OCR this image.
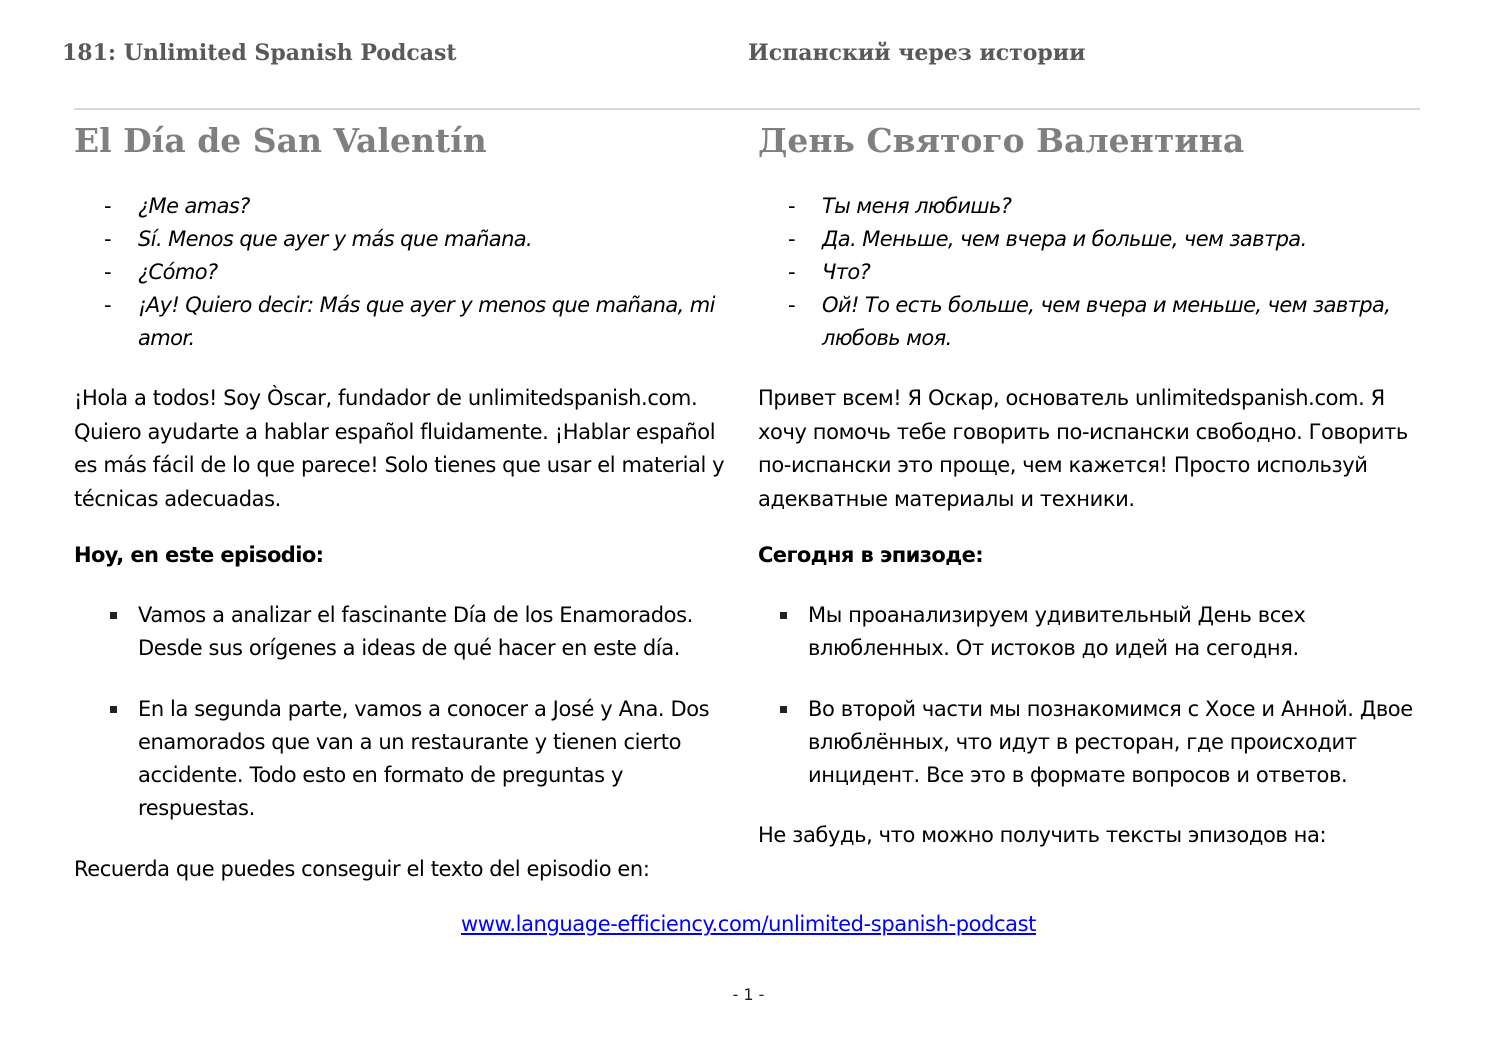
181: Unlimited Spanish Podcast	Испанский через истории
El Día de San Valentín
- ¿Me amas?
- Sí. Menos que ayer y más que mañana.
- ¿Cómo?
- ¡Ay! Quiero decir: Más que ayer y menos que mañana, mi amor.

¡Hola a todos! Soy Òscar, fundador de unlimitedspanish.com. Quiero ayudarte a hablar español fluidamente. ¡Hablar español es más fácil de lo que parece! Solo tienes que usar el material y técnicas adecuadas.

Hoy, en este episodio:

Vamos a analizar el fascinante Día de los Enamorados. Desde sus orígenes a ideas de qué hacer en este día.
En la segunda parte, vamos a conocer a José y Ana. Dos enamorados que van a un restaurante y tienen cierto accidente. Todo esto en formato de preguntas y respuestas.

Recuerda que puedes conseguir el texto del episodio en:

День Святого Валентина
- Ты меня любишь?
- Да. Меньше, чем вчера и больше, чем завтра.
- Что?
- Ой! То есть больше, чем вчера и меньше, чем завтра, любовь моя.

Привет всем! Я Оскар, основатель unlimitedspanish.com. Я хочу помочь тебе говорить по-испански свободно. Говорить по-испански это проще, чем кажется! Просто используй адекватные материалы и техники.

Сегодня в эпизоде:

Мы проанализируем удивительный День всех влюбленных. От истоков до идей на сегодня.
Во второй части мы познакомимся с Хосе и Анной. Двое влюблённых, что идут в ресторан, где происходит инцидент. Все это в формате вопросов и ответов.

Не забудь, что можно получить тексты эпизодов на:

www.language-efficiency.com/unlimited-spanish-podcast
- 1 -
